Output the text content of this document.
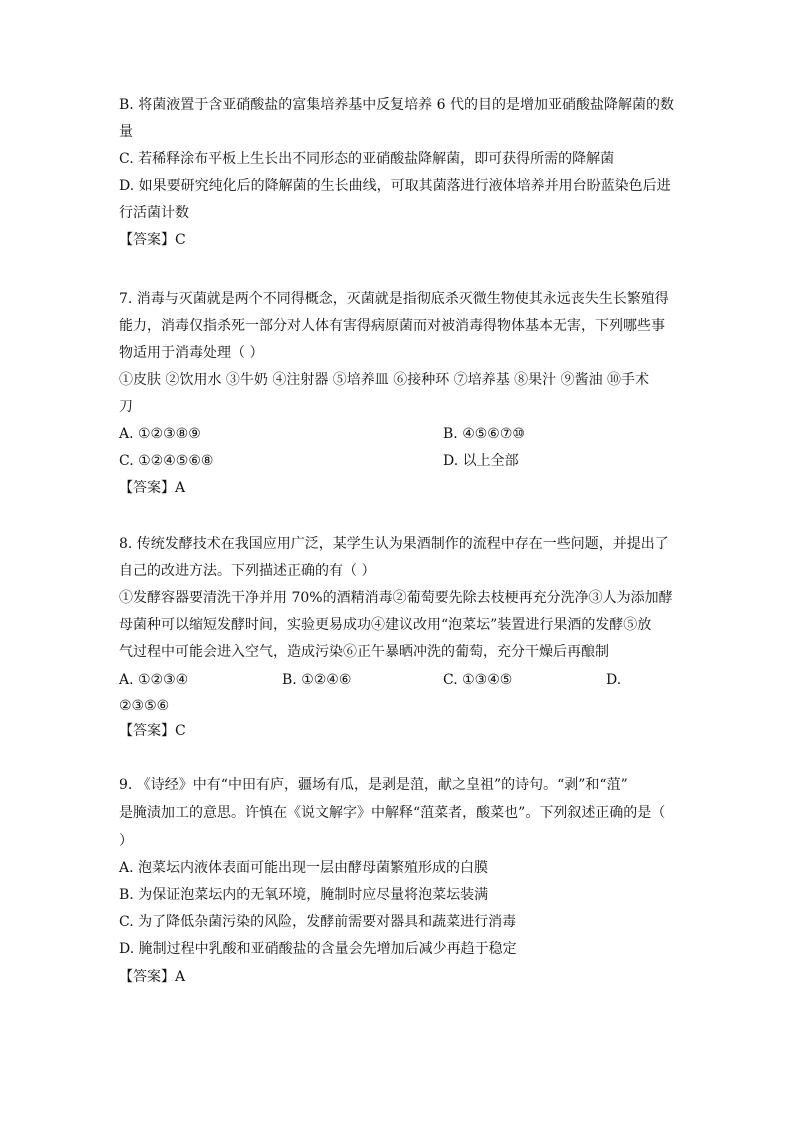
B. 将菌液置于含亚硝酸盐的富集培养基中反复培养 6 代的目的是增加亚硝酸盐降解菌的数
量
C. 若稀释涂布平板上生长出不同形态的亚硝酸盐降解菌，即可获得所需的降解菌
D. 如果要研究纯化后的降解菌的生长曲线，可取其菌落进行液体培养并用台盼蓝染色后进
行活菌计数
【答案】C
7. 消毒与灭菌就是两个不同得概念，灭菌就是指彻底杀灭微生物使其永远丧失生长繁殖得
能力，消毒仅指杀死一部分对人体有害得病原菌而对被消毒得物体基本无害，下列哪些事
物适用于消毒处理（ ）
①皮肤 ②饮用水 ③牛奶 ④注射器 ⑤培养皿 ⑥接种环 ⑦培养基 ⑧果汁 ⑨酱油 ⑩手术
刀
A. ①②③⑧⑨	B. ④⑤⑥⑦⑩
C. ①②④⑤⑥⑧	D. 以上全部
【答案】A
8. 传统发酵技术在我国应用广泛，某学生认为果酒制作的流程中存在一些问题，并提出了
自己的改进方法。下列描述正确的有（ ）
①发酵容器要清洗干净并用 70%的酒精消毒②葡萄要先除去枝梗再充分洗净③人为添加酵
母菌种可以缩短发酵时间，实验更易成功④建议改用“泡菜坛”装置进行果酒的发酵⑤放
气过程中可能会进入空气，造成污染⑥正午暴晒冲洗的葡萄，充分干燥后再酿制
A. ①②③④	B. ①②④⑥	C. ①③④⑤	D.
②③⑤⑥
【答案】C
9. 《诗经》中有“中田有庐，疆场有瓜，是剥是菹，献之皇祖”的诗句。“剥”和“菹”
是腌渍加工的意思。许慎在《说文解字》中解释“菹菜者，酸菜也”。下列叙述正确的是（
）
A. 泡菜坛内液体表面可能出现一层由酵母菌繁殖形成的白膜
B. 为保证泡菜坛内的无氧环境，腌制时应尽量将泡菜坛装满
C. 为了降低杂菌污染的风险，发酵前需要对器具和蔬菜进行消毒
D. 腌制过程中乳酸和亚硝酸盐的含量会先增加后减少再趋于稳定
【答案】A
